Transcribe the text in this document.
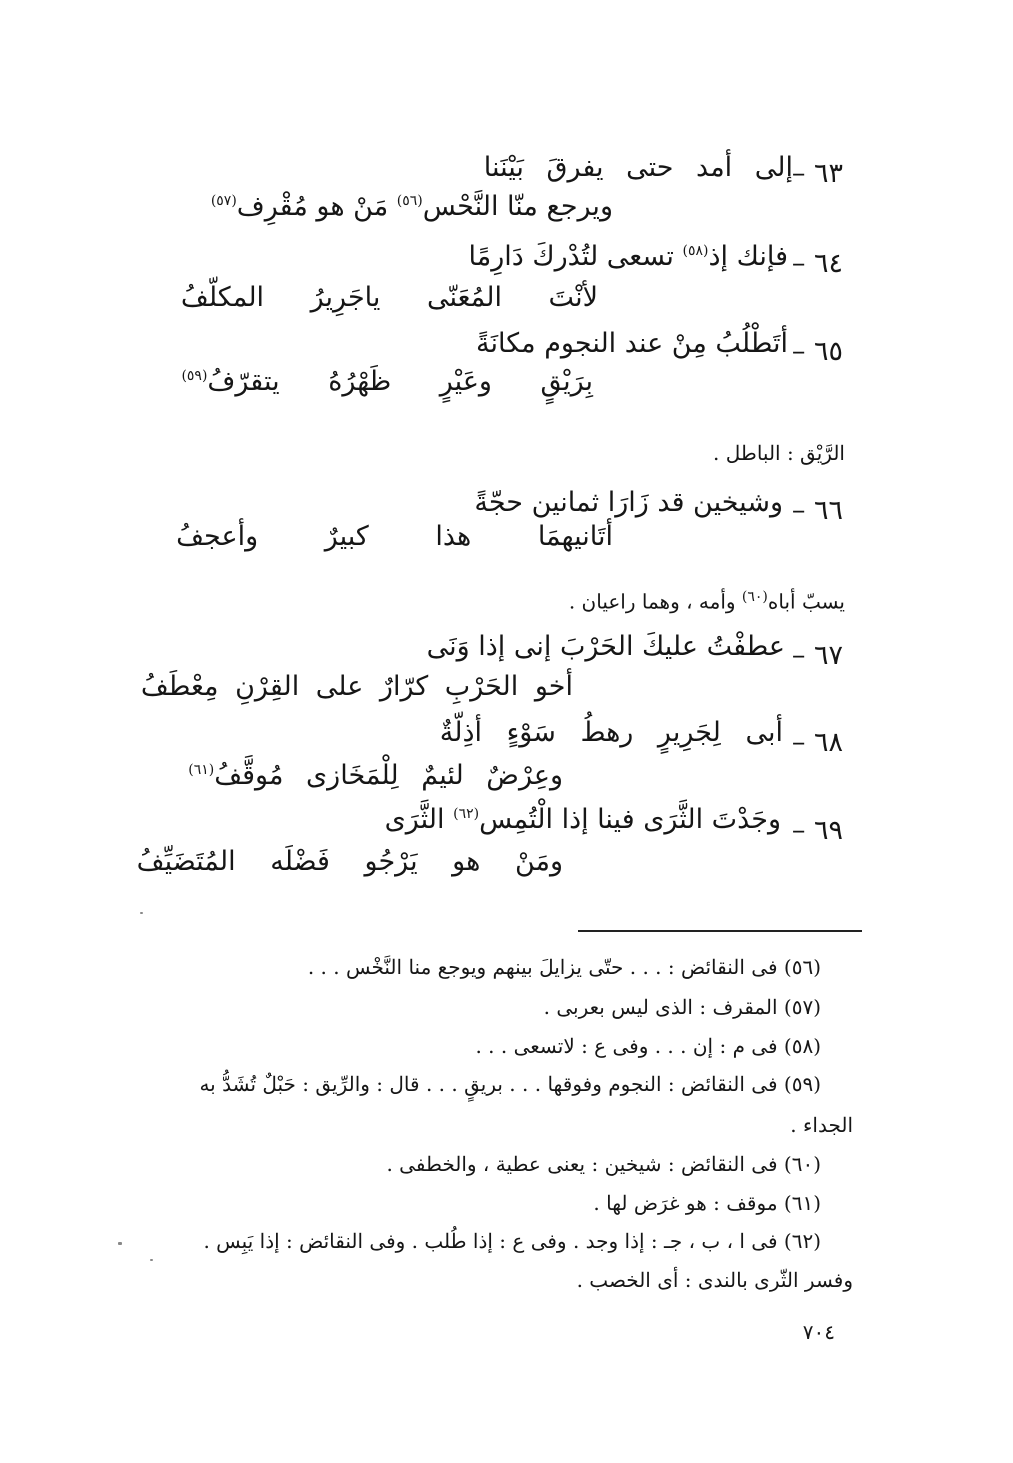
٦٣ –
إلى أمد حتى يفرقَ بَيْنَنا
ويرجع منّا النَّحْس$^{(٥٦)}$ مَنْ هو مُقْرِف$^{(٥٧)}$
٦٤ –
فإنك إذ$^{(٥٨)}$ تسعى لتُدْركَ دَارِمًا
لأنْتَ المُعَنّى ياجَرِيرُ المكلّفُ
٦٥ –
أتَطْلُبُ مِنْ عند النجوم مكانَةً
بِرَيْقٍ وعَيْرٍ ظَهْرُهُ يتقرّفُ$^{(٥٩)}$
الرَّيْق : الباطل .
٦٦ –
وشيخين قد زَارَا ثمانين حجّةً
أتَانيهمَا هذا كبيرٌ وأعجفُ
يسبّ أباه$^{(٦٠)}$ وأمه ، وهما راعيان .
٦٧ –
عطفْتُ عليكَ الحَرْبَ إنى إذا وَنَى
أخو الحَرْبِ كرّارٌ على القِرْنِ مِعْطَفُ
٦٨ –
أبى لِجَرِيرٍ رهطُ سَوْءٍ أذِلّةٌ
وعِرْضٌ لئيمٌ لِلْمَخَازى مُوقَّفُ$^{(٦١)}$
٦٩ –
وجَدْتَ الثَّرَى فينا إذا الْتُمِس$^{(٦٢)}$ الثَّرَى
ومَنْ هو يَرْجُو فَضْلَه المُتَضَيِّفُ
(٥٦) فى النقائض : . . . حتّى يزايلَ بينهم ويوجع منا النَّخْس . . .
(٥٧) المقرف : الذى ليس بعربى .
(٥٨) فى م : إن . . . وفى ع : لاتسعى . . .
(٥٩) فى النقائض : النجوم وفوقها . . . بريقٍ . . . قال : والرِّيق : حَبْلٌ تُشَدُّ به
الجداء .
(٦٠) فى النقائض : شيخين : يعنى عطية ، والخطفى .
(٦١) موقف : هو غرَض لها .
(٦٢) فى ا ، ب ، جـ : إذا وجد . وفى ع : إذا طُلب . وفى النقائض : إذا يَبِس .
وفسر الثّرى بالندى : أى الخصب .
٧٠٤
